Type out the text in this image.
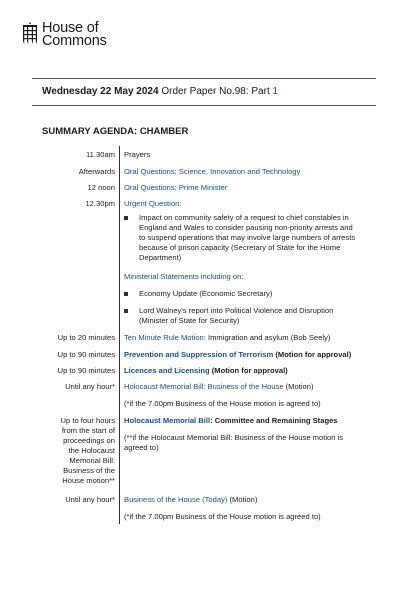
House of
Commons
Wednesday 22 May 2024 Order Paper No.98: Part 1
SUMMARY AGENDA: CHAMBER
11.30am Prayers
Afterwards Oral Questions: Science, Innovation and Technology
12 noon Oral Questions: Prime Minister
12.30pm Urgent Question:
Impact on community safety of a request to chief constables in England and Wales to consider pausing non-priority arrests and to suspend operations that may involve large numbers of arrests because of prison capacity (Secretary of State for the Home Department)
Ministerial Statements including on:
Economy Update (Economic Secretary)
Lord Walney's report into Political Violence and Disruption (Minister of State for Security)
Up to 20 minutes Ten Minute Rule Motion: Immigration and asylum (Bob Seely)
Up to 90 minutes Prevention and Suppression of Terrorism (Motion for approval)
Up to 90 minutes Licences and Licensing (Motion for approval)
Until any hour* Holocaust Memorial Bill: Business of the House (Motion)
(*if the 7.00pm Business of the House motion is agreed to)
Up to four hours
from the start of
proceedings on
the Holocaust
Memorial Bill:
Business of the
House motion**
Holocaust Memorial Bill: Committee and Remaining Stages
(**if the Holocaust Memorial Bill: Business of the House motion is agreed to)
Until any hour* Business of the House (Today) (Motion)
(*if the 7.00pm Business of the House motion is agreed to)
